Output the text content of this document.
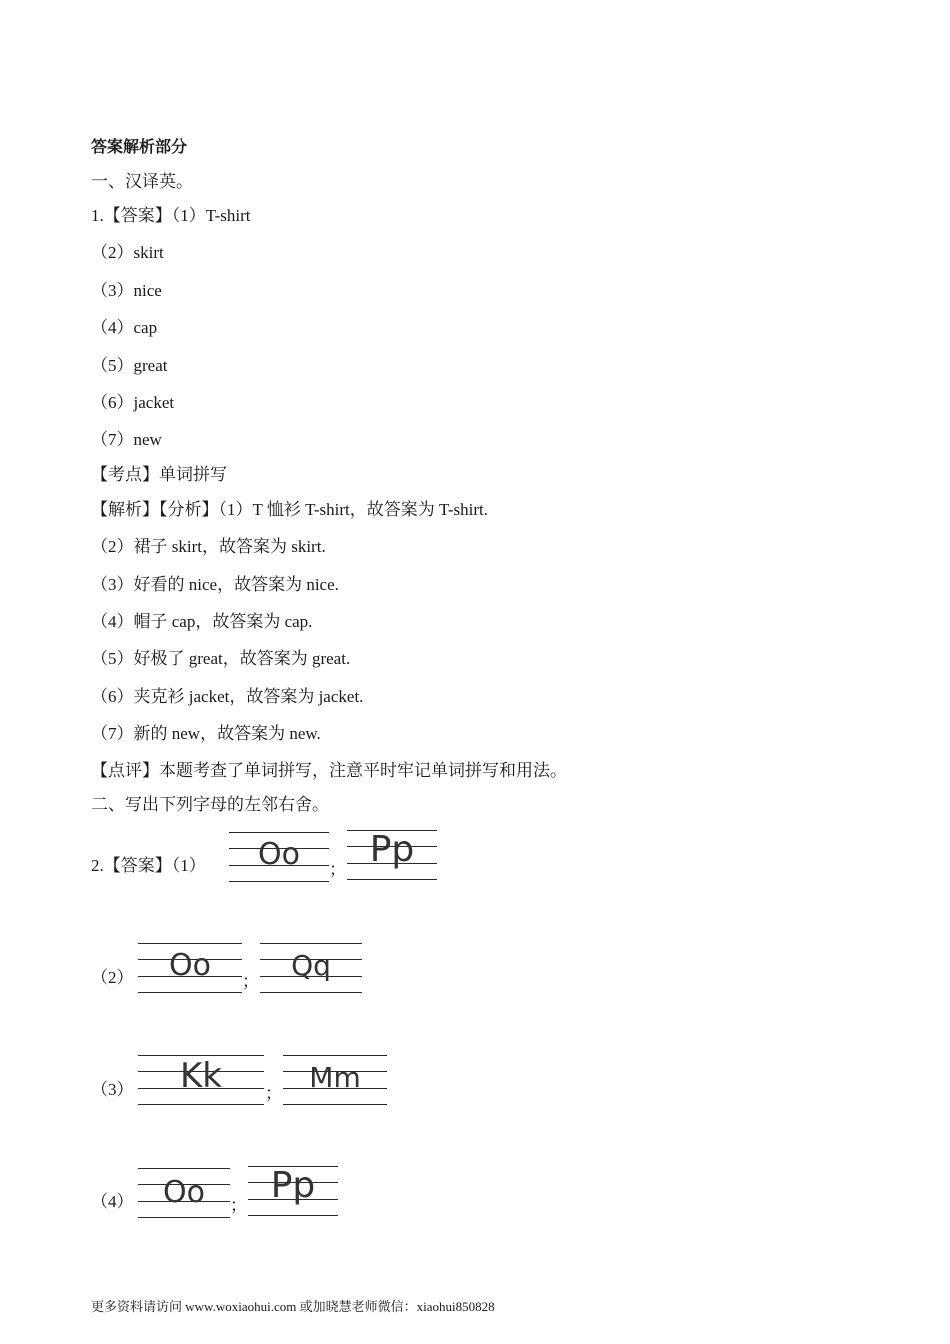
答案解析部分
一、汉译英。
1.【答案】（1）T-shirt
（2）skirt
（3）nice
（4）cap
（5）great
（6）jacket
（7）new
【考点】单词拼写
【解析】【分析】（1）T 恤衫 T-shirt，故答案为 T-shirt.
（2）裙子 skirt，故答案为 skirt.
（3）好看的 nice，故答案为 nice.
（4）帽子 cap，故答案为 cap.
（5）好极了 great，故答案为 great.
（6）夹克衫 jacket，故答案为 jacket.
（7）新的 new，故答案为 new.
【点评】本题考查了单词拼写，注意平时牢记单词拼写和用法。
二、写出下列字母的左邻右舍。
2.【答案】（1）	Oo	； Pp
（2）	Oo	；	Qq
（3）	Kk	； Mm
（4） Oo	； Pp
更多资料请访问 www.woxiaohui.com 或加晓慧老师微信：xiaohui850828
